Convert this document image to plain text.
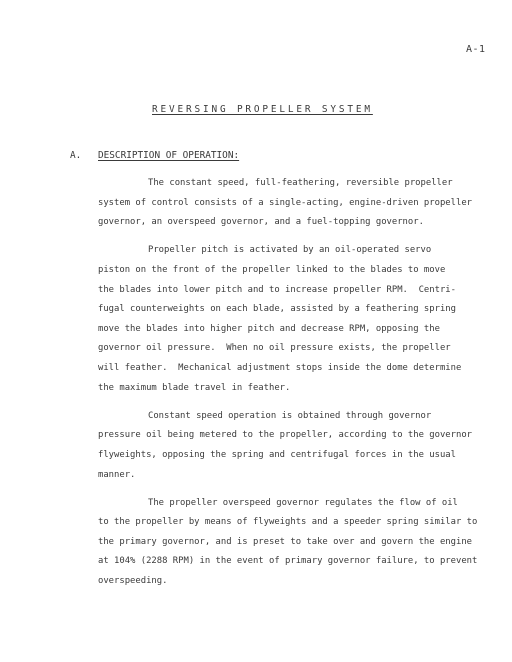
A-1
REVERSING PROPELLER SYSTEM
A. DESCRIPTION OF OPERATION:
The constant speed, full-feathering, reversible propeller
system of control consists of a single-acting, engine-driven propeller
governor, an overspeed governor, and a fuel-topping governor.
Propeller pitch is activated by an oil-operated servo
piston on the front of the propeller linked to the blades to move
the blades into lower pitch and to increase propeller RPM.  Centri-
fugal counterweights on each blade, assisted by a feathering spring
move the blades into higher pitch and decrease RPM, opposing the
governor oil pressure.  When no oil pressure exists, the propeller
will feather.  Mechanical adjustment stops inside the dome determine
the maximum blade travel in feather.
Constant speed operation is obtained through governor
pressure oil being metered to the propeller, according to the governor
flyweights, opposing the spring and centrifugal forces in the usual
manner.
The propeller overspeed governor regulates the flow of oil
to the propeller by means of flyweights and a speeder spring similar to
the primary governor, and is preset to take over and govern the engine
at 104% (2288 RPM) in the event of primary governor failure, to prevent
overspeeding.
